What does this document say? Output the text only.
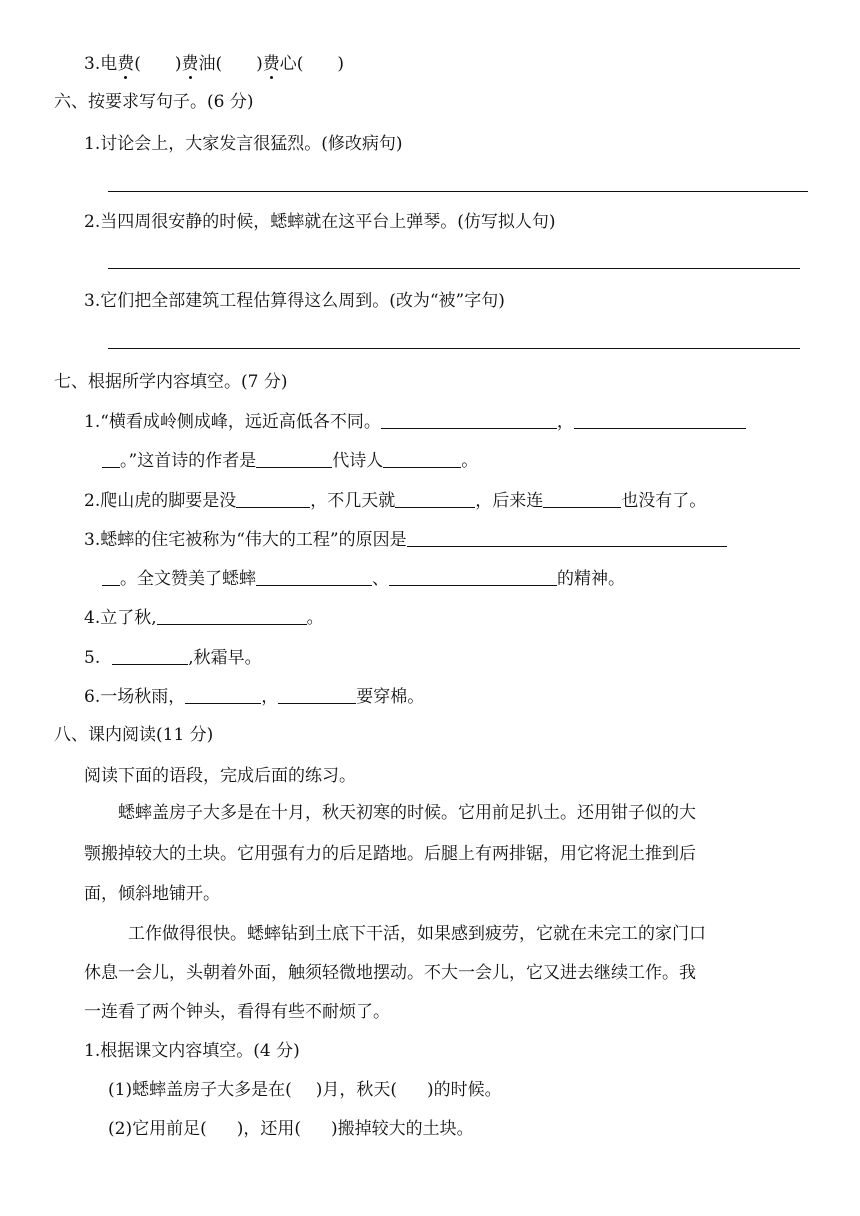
3.电费(　　)费油(　　)费心(　　)
六、按要求写句子。(6 分)
1.讨论会上，大家发言很猛烈。(修改病句)
2.当四周很安静的时候，蟋蟀就在这平台上弹琴。(仿写拟人句)
3.它们把全部建筑工程估算得这么周到。(改为“被”字句)
七、根据所学内容填空。(7 分)
1.“横看成岭侧成峰，远近高低各不同。	，
。”这首诗的作者是	代诗人	。
2.爬山虎的脚要是没	，不几天就	，后来连	也没有了。
3.蟋蟀的住宅被称为“伟大的工程”的原因是
。全文赞美了蟋蟀	、	的精神。
4.立了秋,	。
5.	,秋霜早。
6.一场秋雨，	，	要穿棉。
八、课内阅读(11 分)
阅读下面的语段，完成后面的练习。
蟋蟀盖房子大多是在十月，秋天初寒的时候。它用前足扒土。还用钳子似的大
颚搬掉较大的土块。它用强有力的后足踏地。后腿上有两排锯，用它将泥土推到后
面，倾斜地铺开。
工作做得很快。蟋蟀钻到土底下干活，如果感到疲劳，它就在未完工的家门口
休息一会儿，头朝着外面，触须轻微地摆动。不大一会儿，它又进去继续工作。我
一连看了两个钟头，看得有些不耐烦了。
1.根据课文内容填空。(4 分)
(1)蟋蟀盖房子大多是在( )月，秋天( )的时候。
(2)它用前足( )，还用( )搬掉较大的土块。
